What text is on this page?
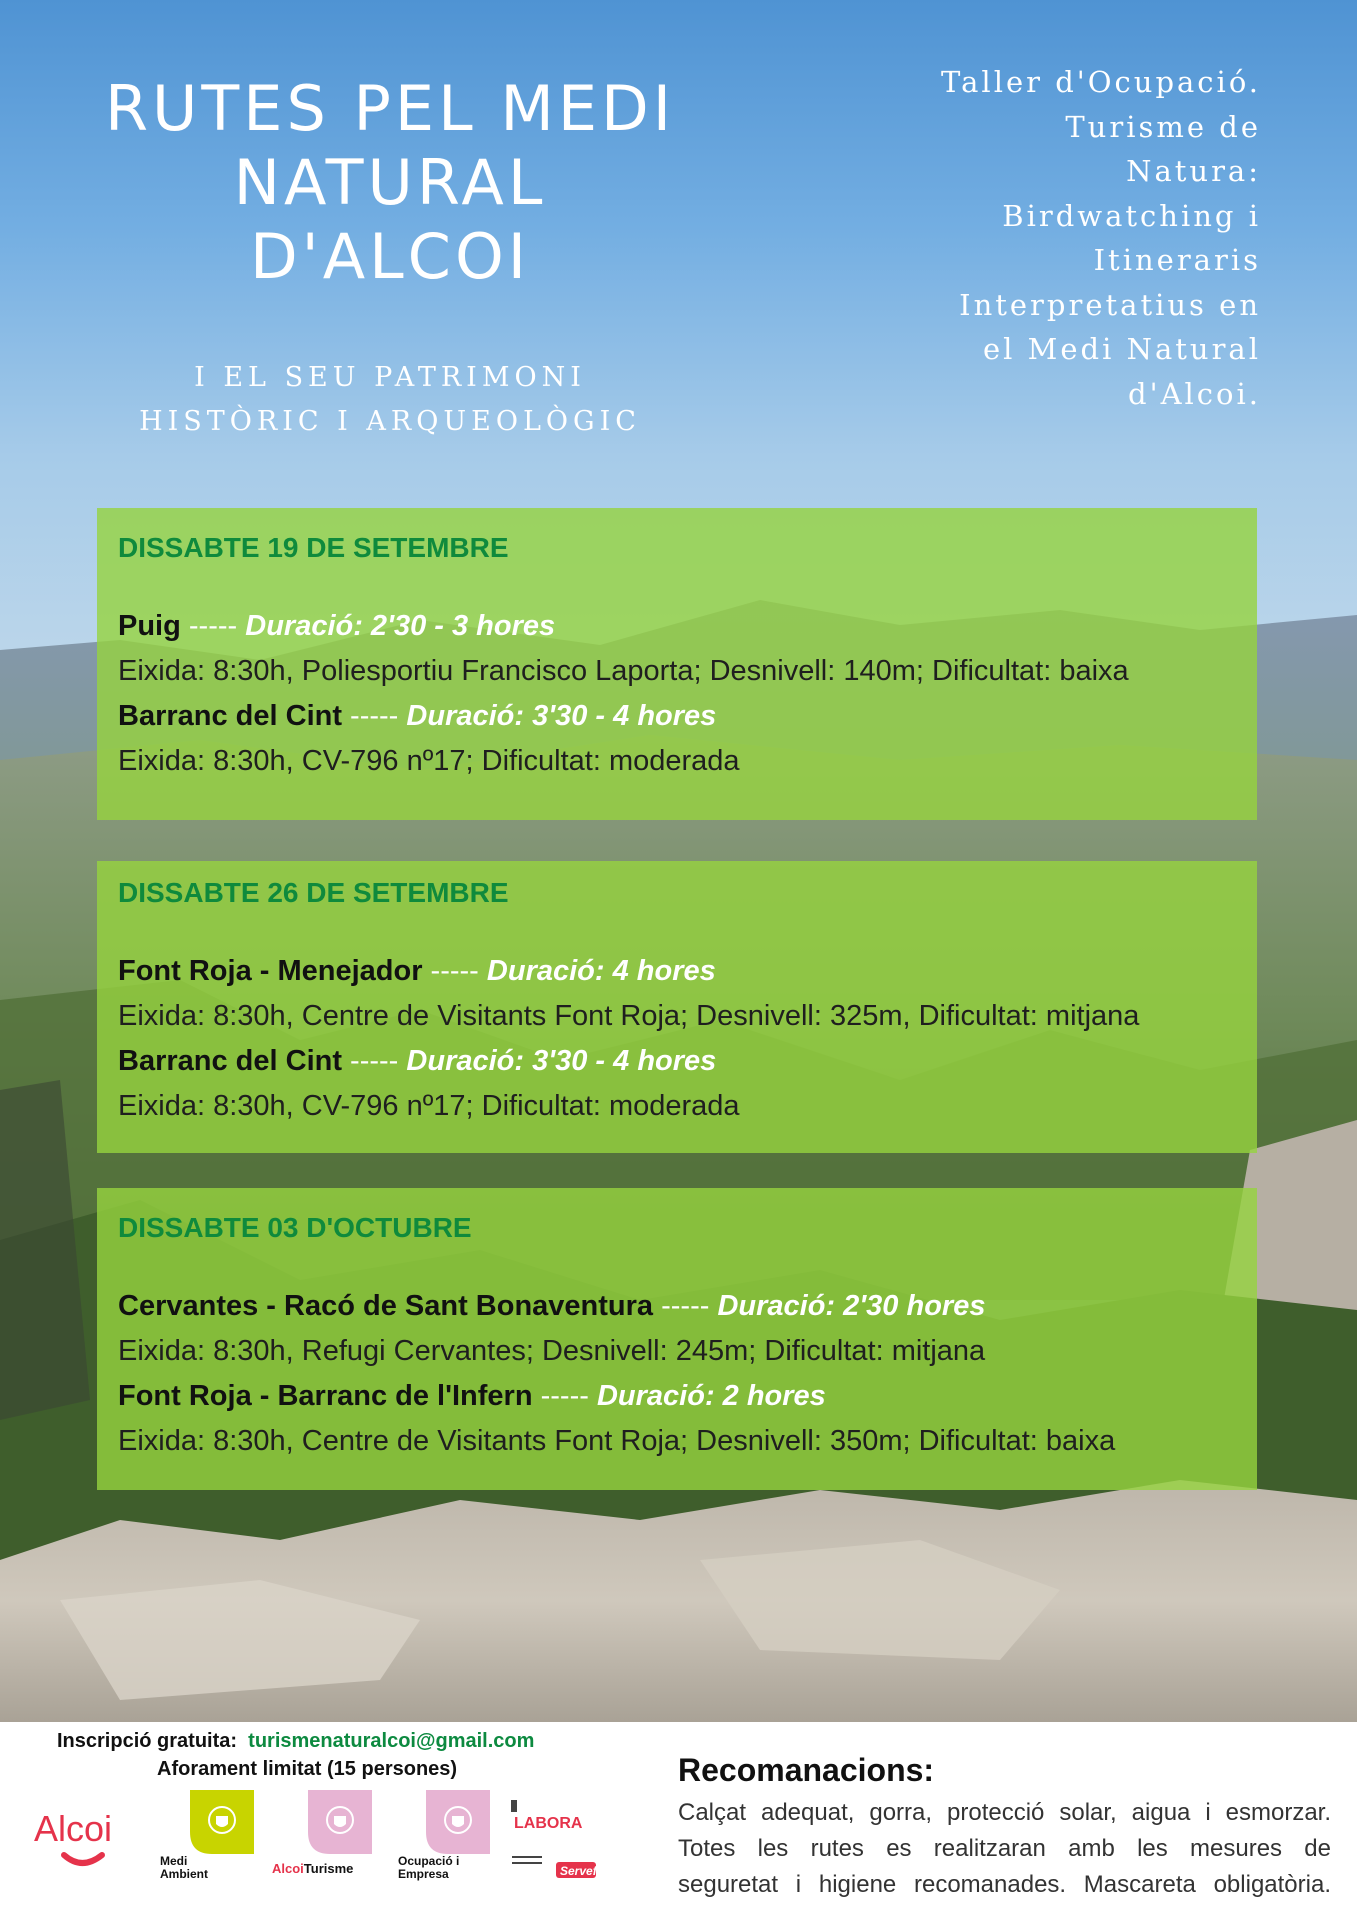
RUTES PEL MEDI
NATURAL
D'ALCOI
I EL SEU PATRIMONI
HISTÒRIC I ARQUEOLÒGIC
Taller d'Ocupació.
Turisme de
Natura:
Birdwatching i
Itineraris
Interpretatius en
el Medi Natural
d'Alcoi.
DISSABTE 19 DE SETEMBRE
Puig ----- Duració: 2'30 - 3 hores
Eixida: 8:30h, Poliesportiu Francisco Laporta; Desnivell: 140m; Dificultat: baixa
Barranc del Cint ----- Duració: 3'30 - 4 hores
Eixida: 8:30h, CV-796 nº17; Dificultat: moderada
DISSABTE 26 DE SETEMBRE
Font Roja - Menejador ----- Duració: 4 hores
Eixida: 8:30h, Centre de Visitants Font Roja; Desnivell: 325m, Dificultat: mitjana
Barranc del Cint ----- Duració: 3'30 - 4 hores
Eixida: 8:30h, CV-796 nº17; Dificultat: moderada
DISSABTE 03 D'OCTUBRE
Cervantes - Racó de Sant Bonaventura ----- Duració: 2'30 hores
Eixida: 8:30h, Refugi Cervantes; Desnivell: 245m; Dificultat: mitjana
Font Roja - Barranc de l'Infern ----- Duració: 2 hores
Eixida: 8:30h, Centre de Visitants Font Roja; Desnivell: 350m; Dificultat: baixa
Inscripció gratuita: turismenaturalcoi@gmail.com
Aforament limitat (15 persones)	Recomanacions:
Calçat adequat, gorra, protecció solar, aigua i esmorzar.
Totes les rutes es realitzaran amb les mesures de
seguretat i higiene recomanades. Mascareta obligatòria.
Alcoi
Medi
Ambient	AlcoiTurisme	Ocupació i
Empresa
LABORA
Servef
